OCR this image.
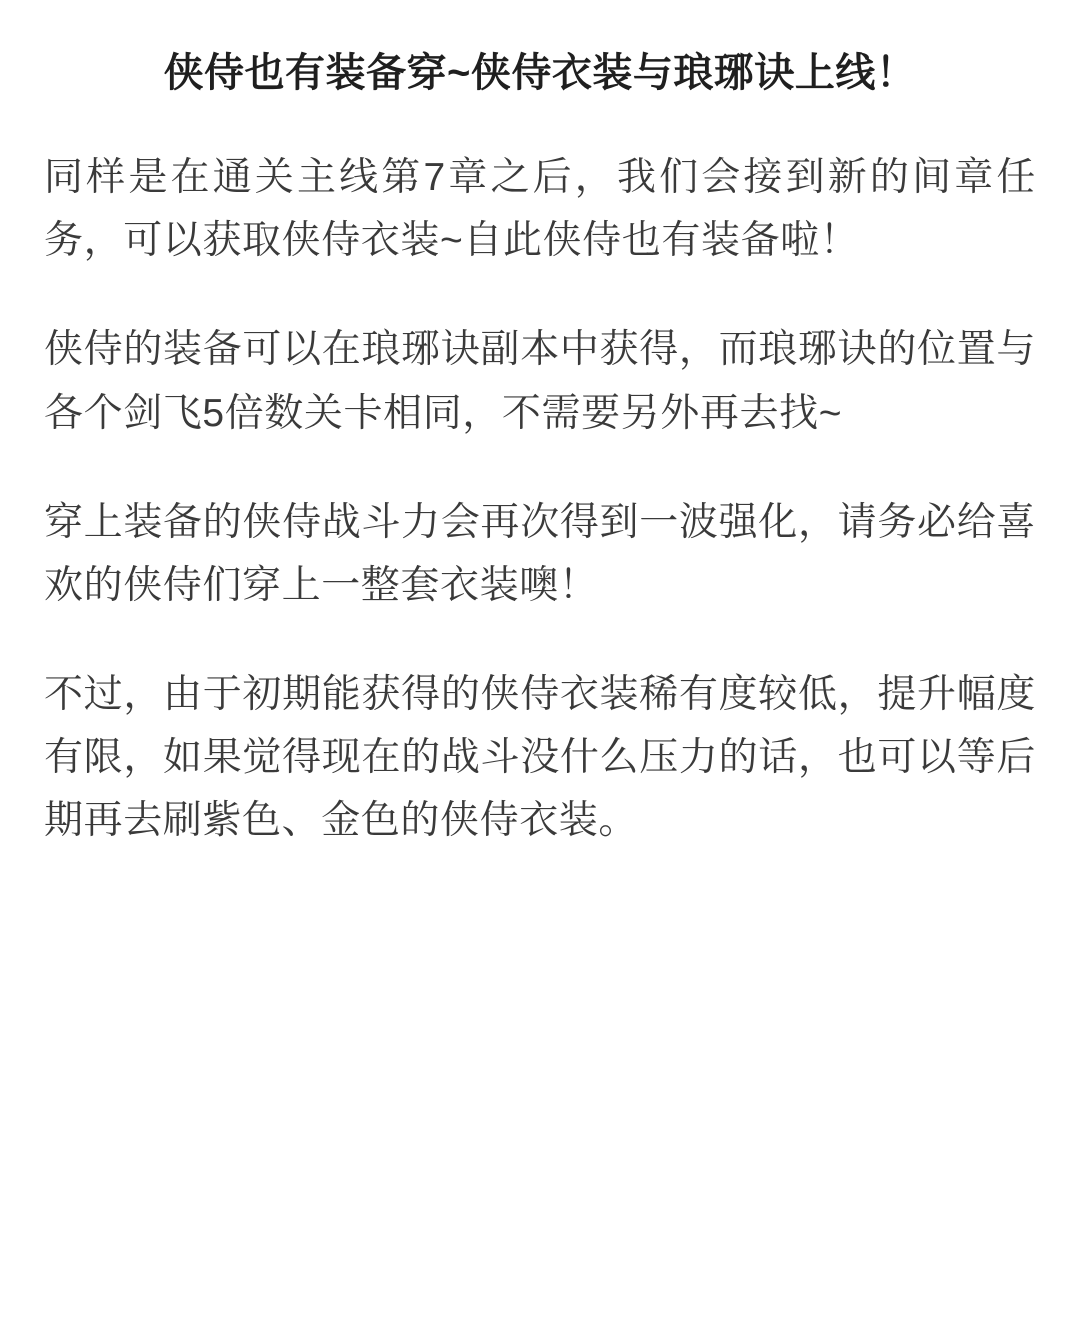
侠侍也有装备穿~侠侍衣装与琅琊诀上线！

同样是在通关主线第7章之后，我们会接到新的间章任务，可以获取侠侍衣装~自此侠侍也有装备啦！

侠侍的装备可以在琅琊诀副本中获得，而琅琊诀的位置与各个剑飞5倍数关卡相同，不需要另外再去找~

穿上装备的侠侍战斗力会再次得到一波强化，请务必给喜欢的侠侍们穿上一整套衣装噢！

不过，由于初期能获得的侠侍衣装稀有度较低，提升幅度有限，如果觉得现在的战斗没什么压力的话，也可以等后期再去刷紫色、金色的侠侍衣装。
